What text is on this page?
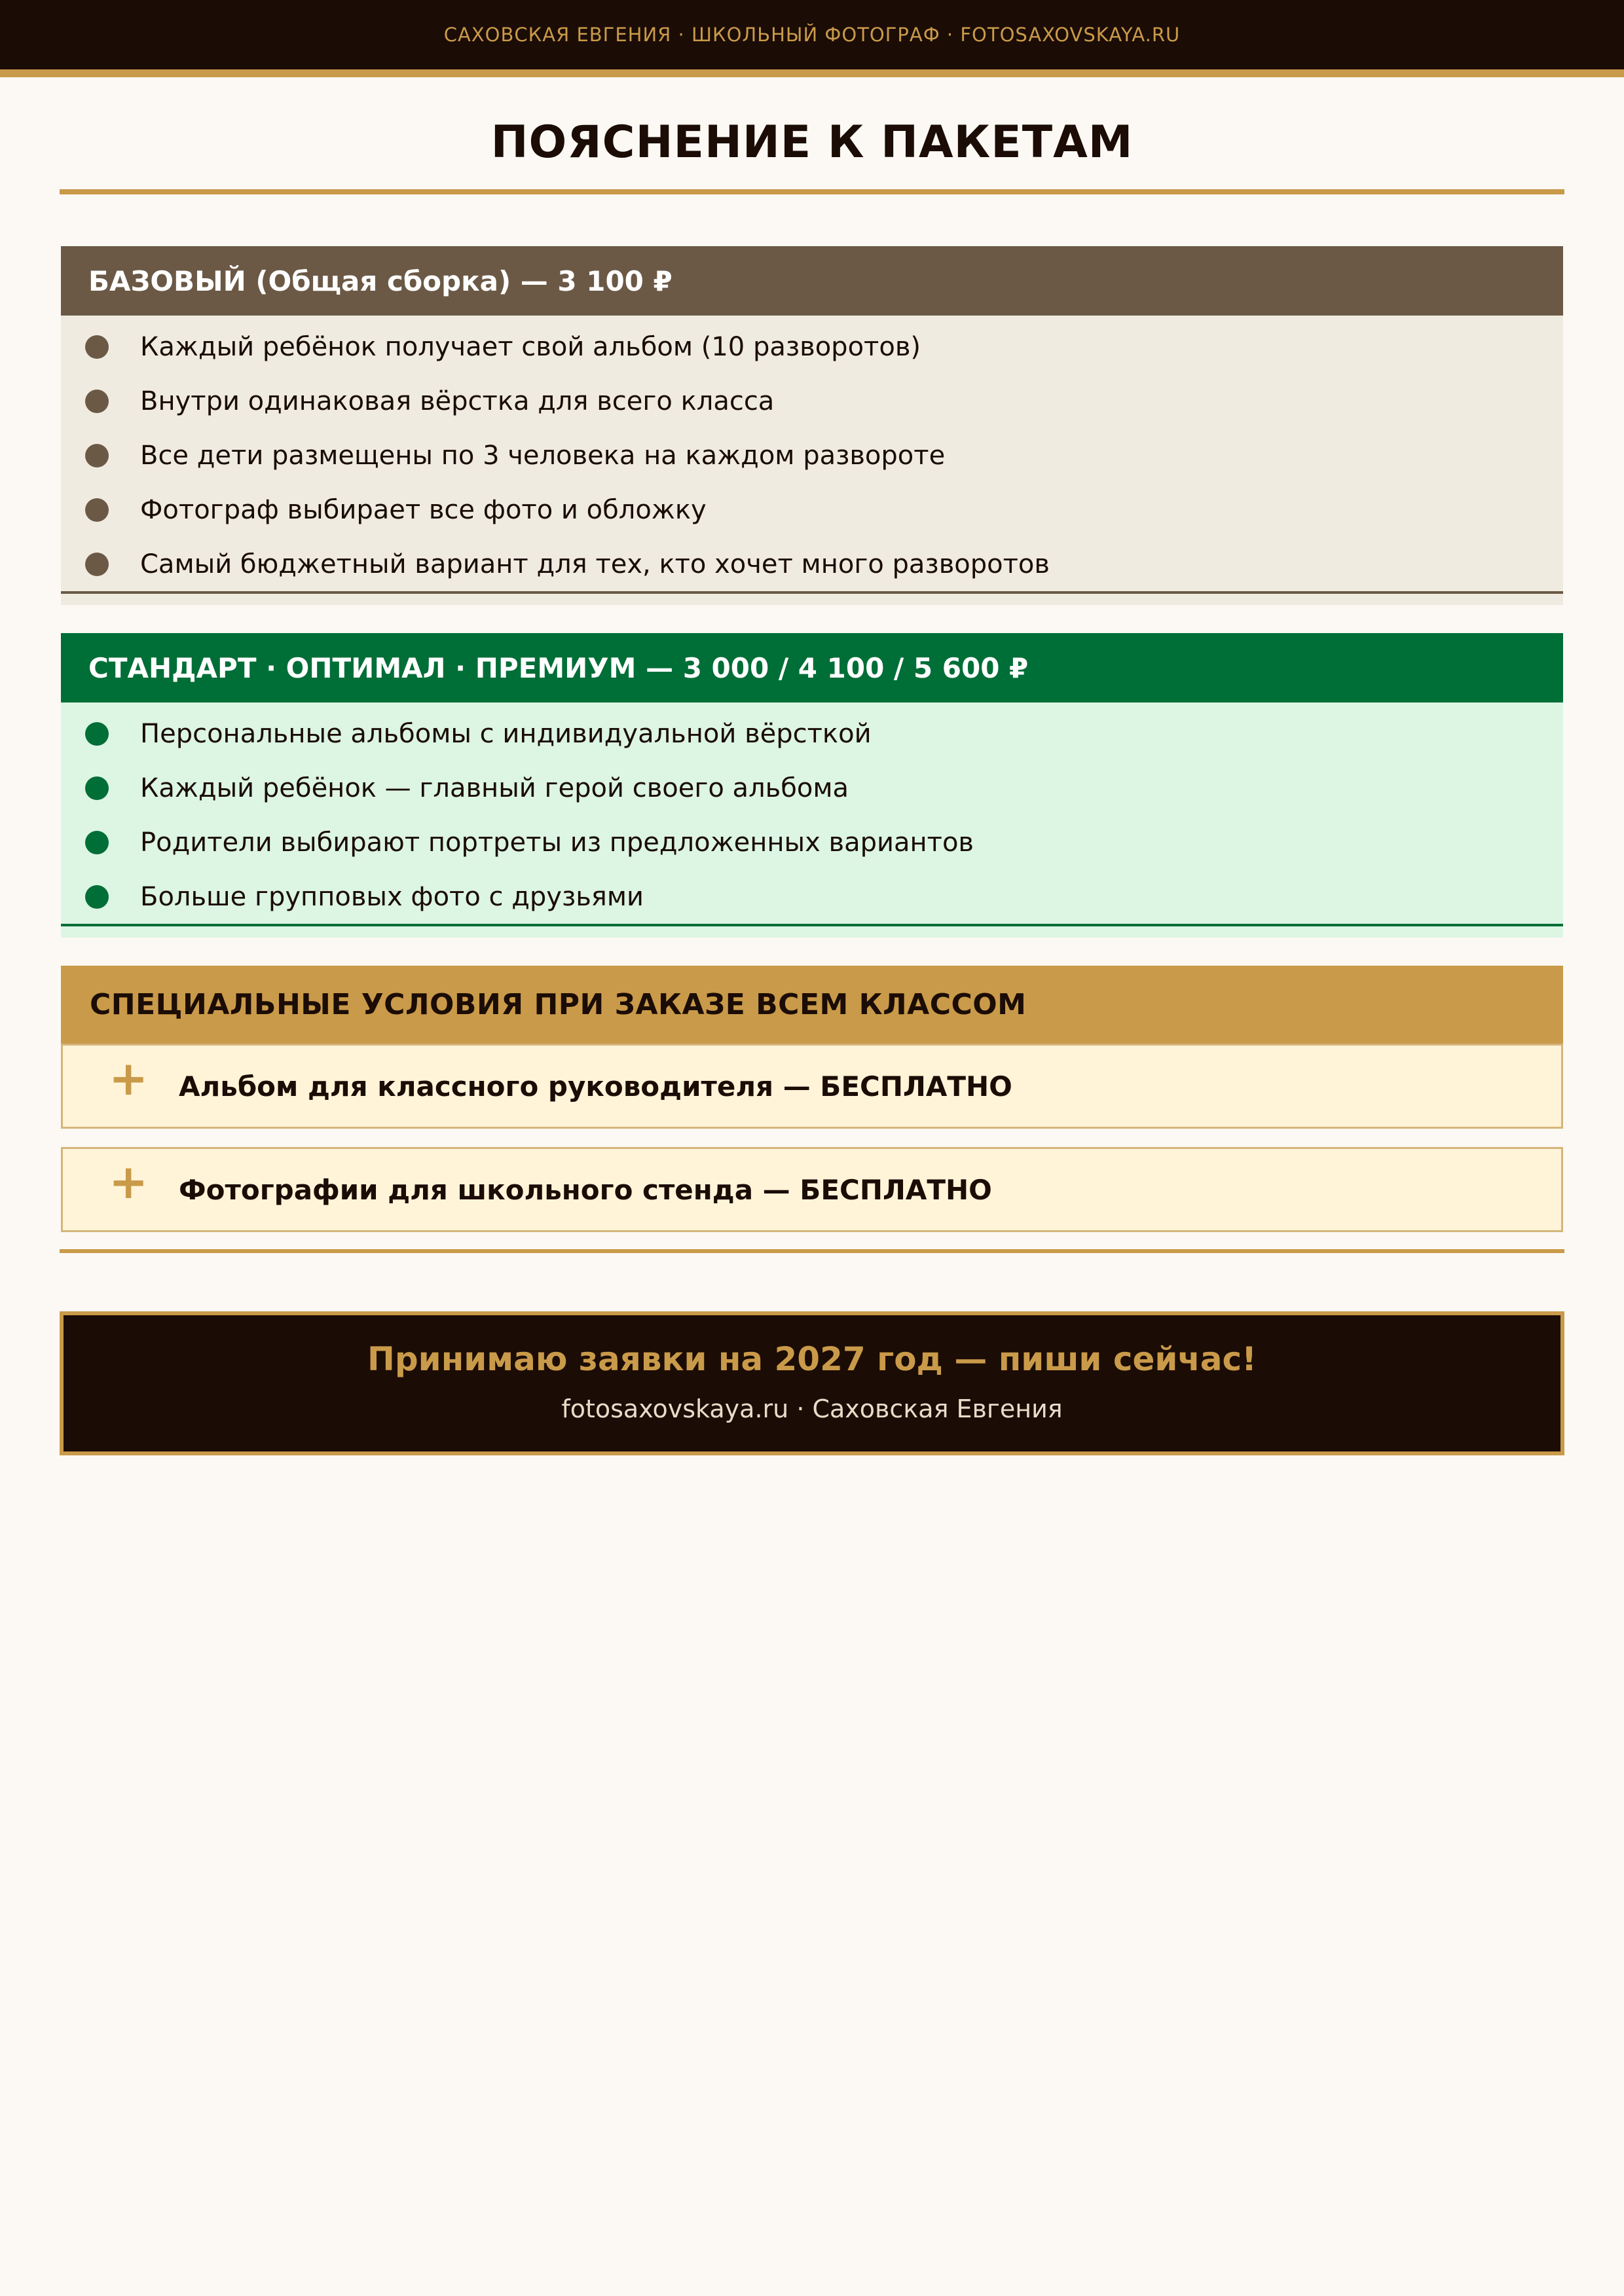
САХОВСКАЯ ЕВГЕНИЯ · ШКОЛЬНЫЙ ФОТОГРАФ · FOTOSAXOVSKAYA.RU
ПОЯСНЕНИЕ К ПАКЕТАМ
БАЗОВЫЙ (Общая сборка) — 3 100 ₽
Каждый ребёнок получает свой альбом (10 разворотов)
Внутри одинаковая вёрстка для всего класса
Все дети размещены по 3 человека на каждом развороте
Фотограф выбирает все фото и обложку
Самый бюджетный вариант для тех, кто хочет много разворотов
СТАНДАРТ · ОПТИМАЛ · ПРЕМИУМ — 3 000 / 4 100 / 5 600 ₽
Персональные альбомы с индивидуальной вёрсткой
Каждый ребёнок — главный герой своего альбома
Родители выбирают портреты из предложенных вариантов
Больше групповых фото с друзьями
СПЕЦИАЛЬНЫЕ УСЛОВИЯ ПРИ ЗАКАЗЕ ВСЕМ КЛАССОМ
+ Альбом для классного руководителя — БЕСПЛАТНО
+ Фотографии для школьного стенда — БЕСПЛАТНО
Принимаю заявки на 2027 год — пиши сейчас!
fotosaxovskaya.ru · Саховская Евгения
